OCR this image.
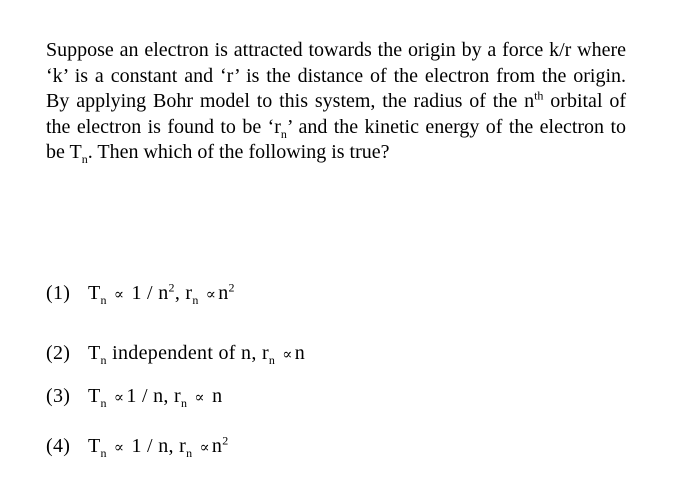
Suppose an electron is attracted towards the origin by a force k/r where ‘k’ is a constant and ‘r’ is the distance of the electron from the origin. By applying Bohr model to this system, the radius of the $n^{th}$ orbital of the electron is found to be ‘$r_n$’ and the kinetic energy of the electron to be $T_n$. Then which of the following is true?

(1) $T_n \propto 1 / n^2$, $r_n \propto n^2$
(2) $T_n$ independent of n, $r_n \propto n$
(3) $T_n \propto 1 / n$, $r_n \propto n$
(4) $T_n \propto 1 / n$, $r_n \propto n^2$
